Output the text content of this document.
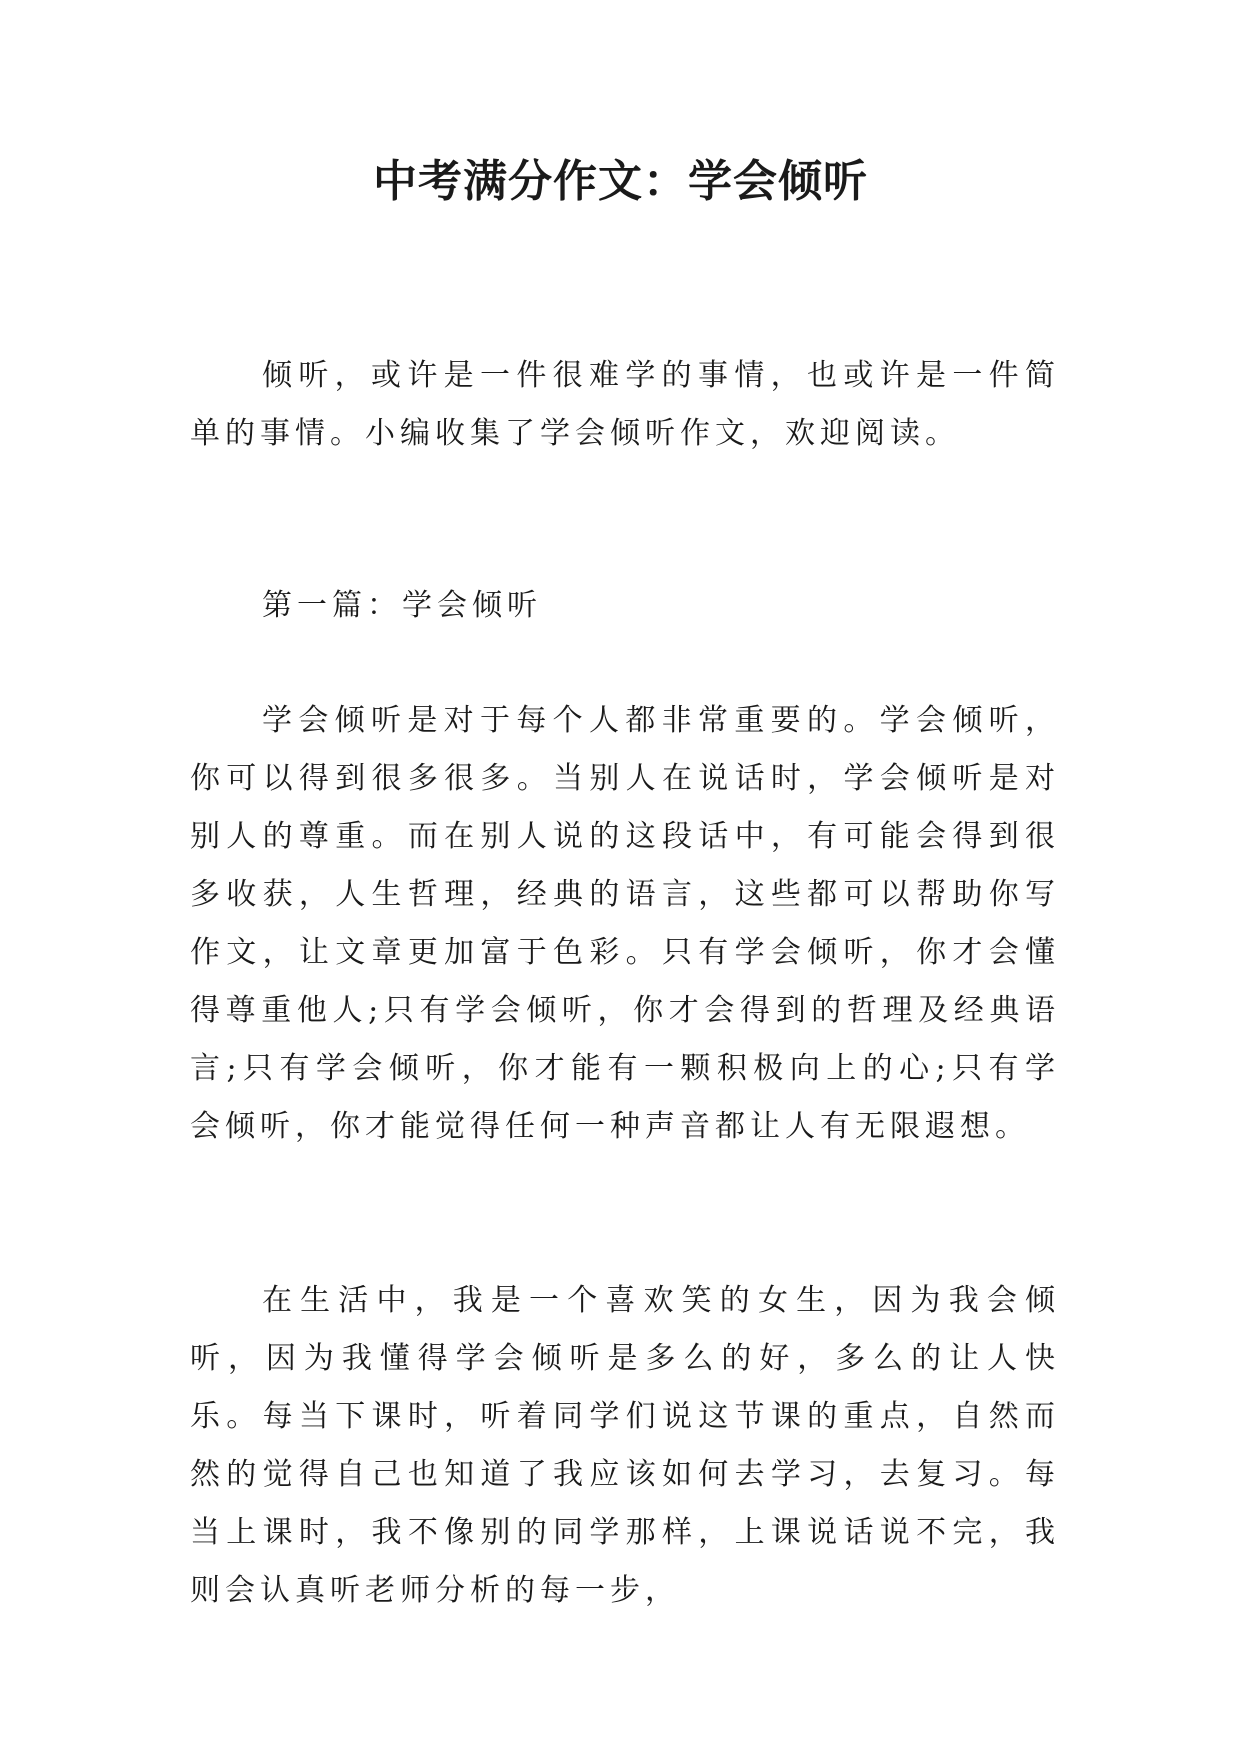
中考满分作文：学会倾听

倾听，或许是一件很难学的事情，也或许是一件简单的事情。小编收集了学会倾听作文，欢迎阅读。

第一篇：学会倾听

学会倾听是对于每个人都非常重要的。学会倾听，你可以得到很多很多。当别人在说话时，学会倾听是对别人的尊重。而在别人说的这段话中，有可能会得到很多收获，人生哲理，经典的语言，这些都可以帮助你写作文，让文章更加富于色彩。只有学会倾听，你才会懂得尊重他人;只有学会倾听，你才会得到的哲理及经典语言;只有学会倾听，你才能有一颗积极向上的心;只有学会倾听，你才能觉得任何一种声音都让人有无限遐想。

在生活中，我是一个喜欢笑的女生，因为我会倾听，因为我懂得学会倾听是多么的好，多么的让人快乐。每当下课时，听着同学们说这节课的重点，自然而然的觉得自己也知道了我应该如何去学习，去复习。每当上课时，我不像别的同学那样，上课说话说不完，我则会认真听老师分析的每一步，
